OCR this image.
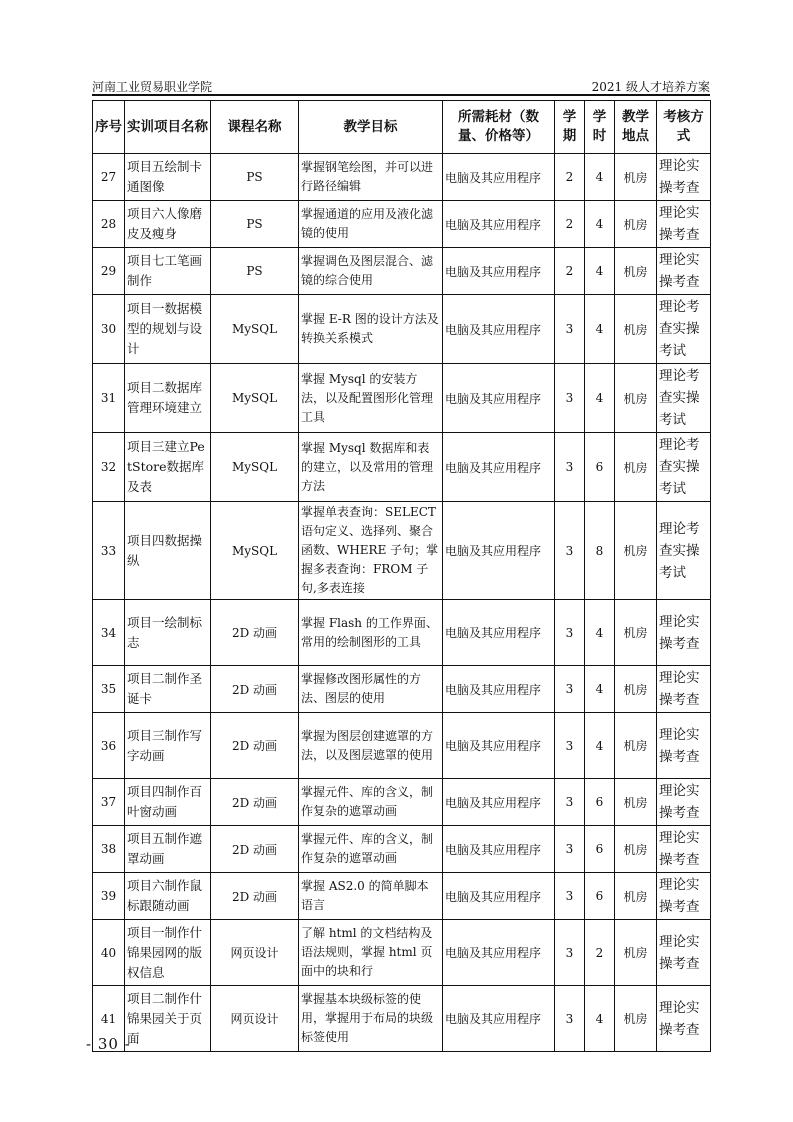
河南工业贸易职业学院	2021 级人才培养方案
序号	实训项目名称	课程名称	教学目标	所需耗材（数量、价格等）	学期	学时	教学地点	考核方式
27	项目五绘制卡通图像	PS	掌握钢笔绘图，并可以进行路径编辑	电脑及其应用程序	2	4	机房	理论实操考查
28	项目六人像磨皮及瘦身	PS	掌握通道的应用及液化滤镜的使用	电脑及其应用程序	2	4	机房	理论实操考查
29	项目七工笔画制作	PS	掌握调色及图层混合、滤镜的综合使用	电脑及其应用程序	2	4	机房	理论实操考查
30	项目一数据模型的规划与设计	MySQL	掌握 E-R 图的设计方法及转换关系模式	电脑及其应用程序	3	4	机房	理论考查实操考试
31	项目二数据库管理环境建立	MySQL	掌握 Mysql 的安装方法，以及配置图形化管理工具	电脑及其应用程序	3	4	机房	理论考查实操考试
32	项目三建立PetStore数据库及表	MySQL	掌握 Mysql 数据库和表的建立，以及常用的管理方法	电脑及其应用程序	3	6	机房	理论考查实操考试
33	项目四数据操纵	MySQL	掌握单表查询：SELECT 语句定义、选择列、聚合函数、WHERE 子句；掌握多表查询：FROM 子句,多表连接	电脑及其应用程序	3	8	机房	理论考查实操考试
34	项目一绘制标志	2D 动画	掌握 Flash 的工作界面、常用的绘制图形的工具	电脑及其应用程序	3	4	机房	理论实操考查
35	项目二制作圣诞卡	2D 动画	掌握修改图形属性的方法、图层的使用	电脑及其应用程序	3	4	机房	理论实操考查
36	项目三制作写字动画	2D 动画	掌握为图层创建遮罩的方法，以及图层遮罩的使用	电脑及其应用程序	3	4	机房	理论实操考查
37	项目四制作百叶窗动画	2D 动画	掌握元件、库的含义，制作复杂的遮罩动画	电脑及其应用程序	3	6	机房	理论实操考查
38	项目五制作遮罩动画	2D 动画	掌握元件、库的含义，制作复杂的遮罩动画	电脑及其应用程序	3	6	机房	理论实操考查
39	项目六制作鼠标跟随动画	2D 动画	掌握 AS2.0 的简单脚本语言	电脑及其应用程序	3	6	机房	理论实操考查
40	项目一制作什锦果园网的版权信息	网页设计	了解 html 的文档结构及语法规则，掌握 html 页面中的块和行	电脑及其应用程序	3	2	机房	理论实操考查
41	项目二制作什锦果园关于页面	网页设计	掌握基本块级标签的使用，掌握用于布局的块级标签使用	电脑及其应用程序	3	4	机房	理论实操考查
- 30 -
